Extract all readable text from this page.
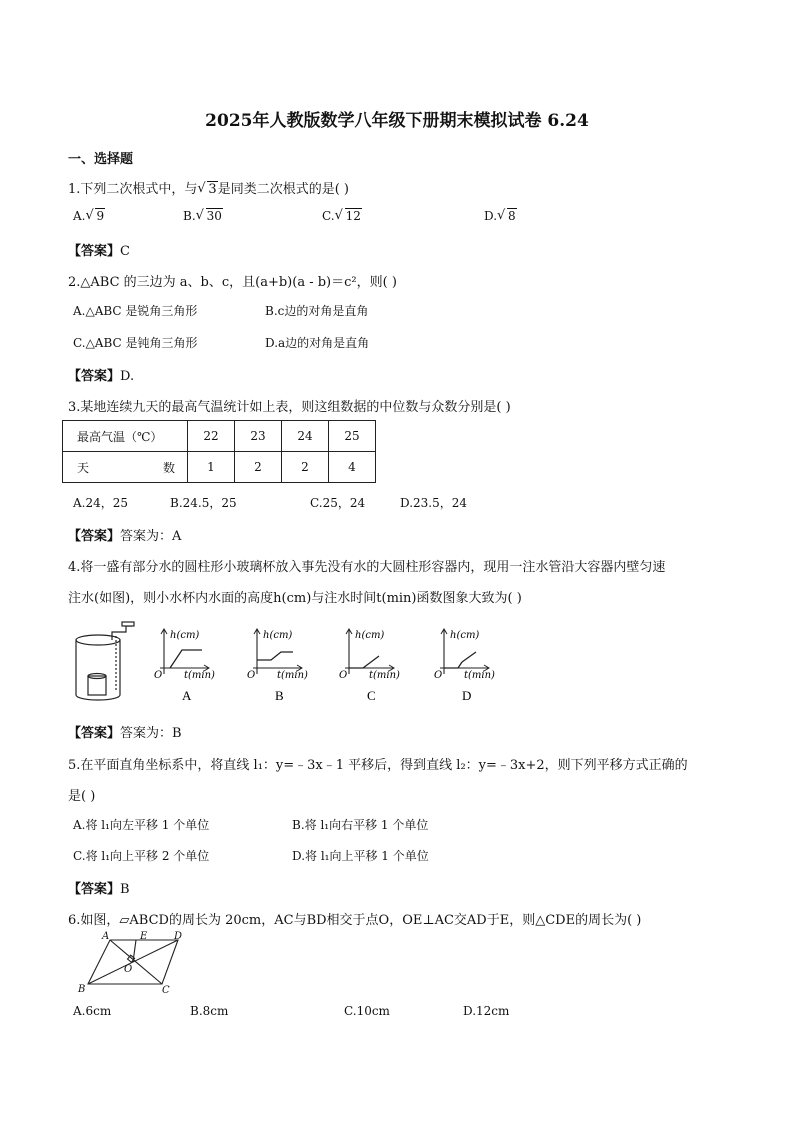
2025年人教版数学八年级下册期末模拟试卷 6.24
一、选择题
1.下列二次根式中，与 √ 3是同类二次根式的是( )
A. √ 9	B. √ 30	C. √ 12	D. √ 8
【答案】C
2.△ABC 的三边为 a、b、c，且(a+b)(a - b)＝c²，则( )
A.△ABC 是锐角三角形	B.c边的对角是直角
C.△ABC 是钝角三角形	D.a边的对角是直角
【答案】D.
3.某地连续九天的最高气温统计如上表，则这组数据的中位数与众数分别是( )
最高气温（℃）	22	23	24	25
天 数	1	2	2	4
A.24，25	B.24.5，25	C.25，24	D.23.5，24
【答案】答案为：A
4.将一盛有部分水的圆柱形小玻璃杯放入事先没有水的大圆柱形容器内，现用一注水管沿大容器内壁匀速
注水(如图)，则小水杯内水面的高度h(cm)与注水时间t(min)函数图象大致为( )
h(cm)
t(min)
O
A
h(cm)
t(min)
O
B
h(cm)
t(min)
O
C
h(cm)
t(min)
O
D
【答案】答案为：B
5.在平面直角坐标系中，将直线 l₁：y=﹣3x﹣1 平移后，得到直线 l₂：y=﹣3x+2，则下列平移方式正确的
是( )
A.将 l₁向左平移 1 个单位	B.将 l₁向右平移 1 个单位
C.将 l₁向上平移 2 个单位	D.将 l₁向上平移 1 个单位
【答案】B
6.如图，▱ABCD的周长为 20cm，AC与BD相交于点O，OE⊥AC交AD于E，则△CDE的周长为( )
A	E	D
O
B	C
A.6cm	B.8cm	C.10cm	D.12cm
